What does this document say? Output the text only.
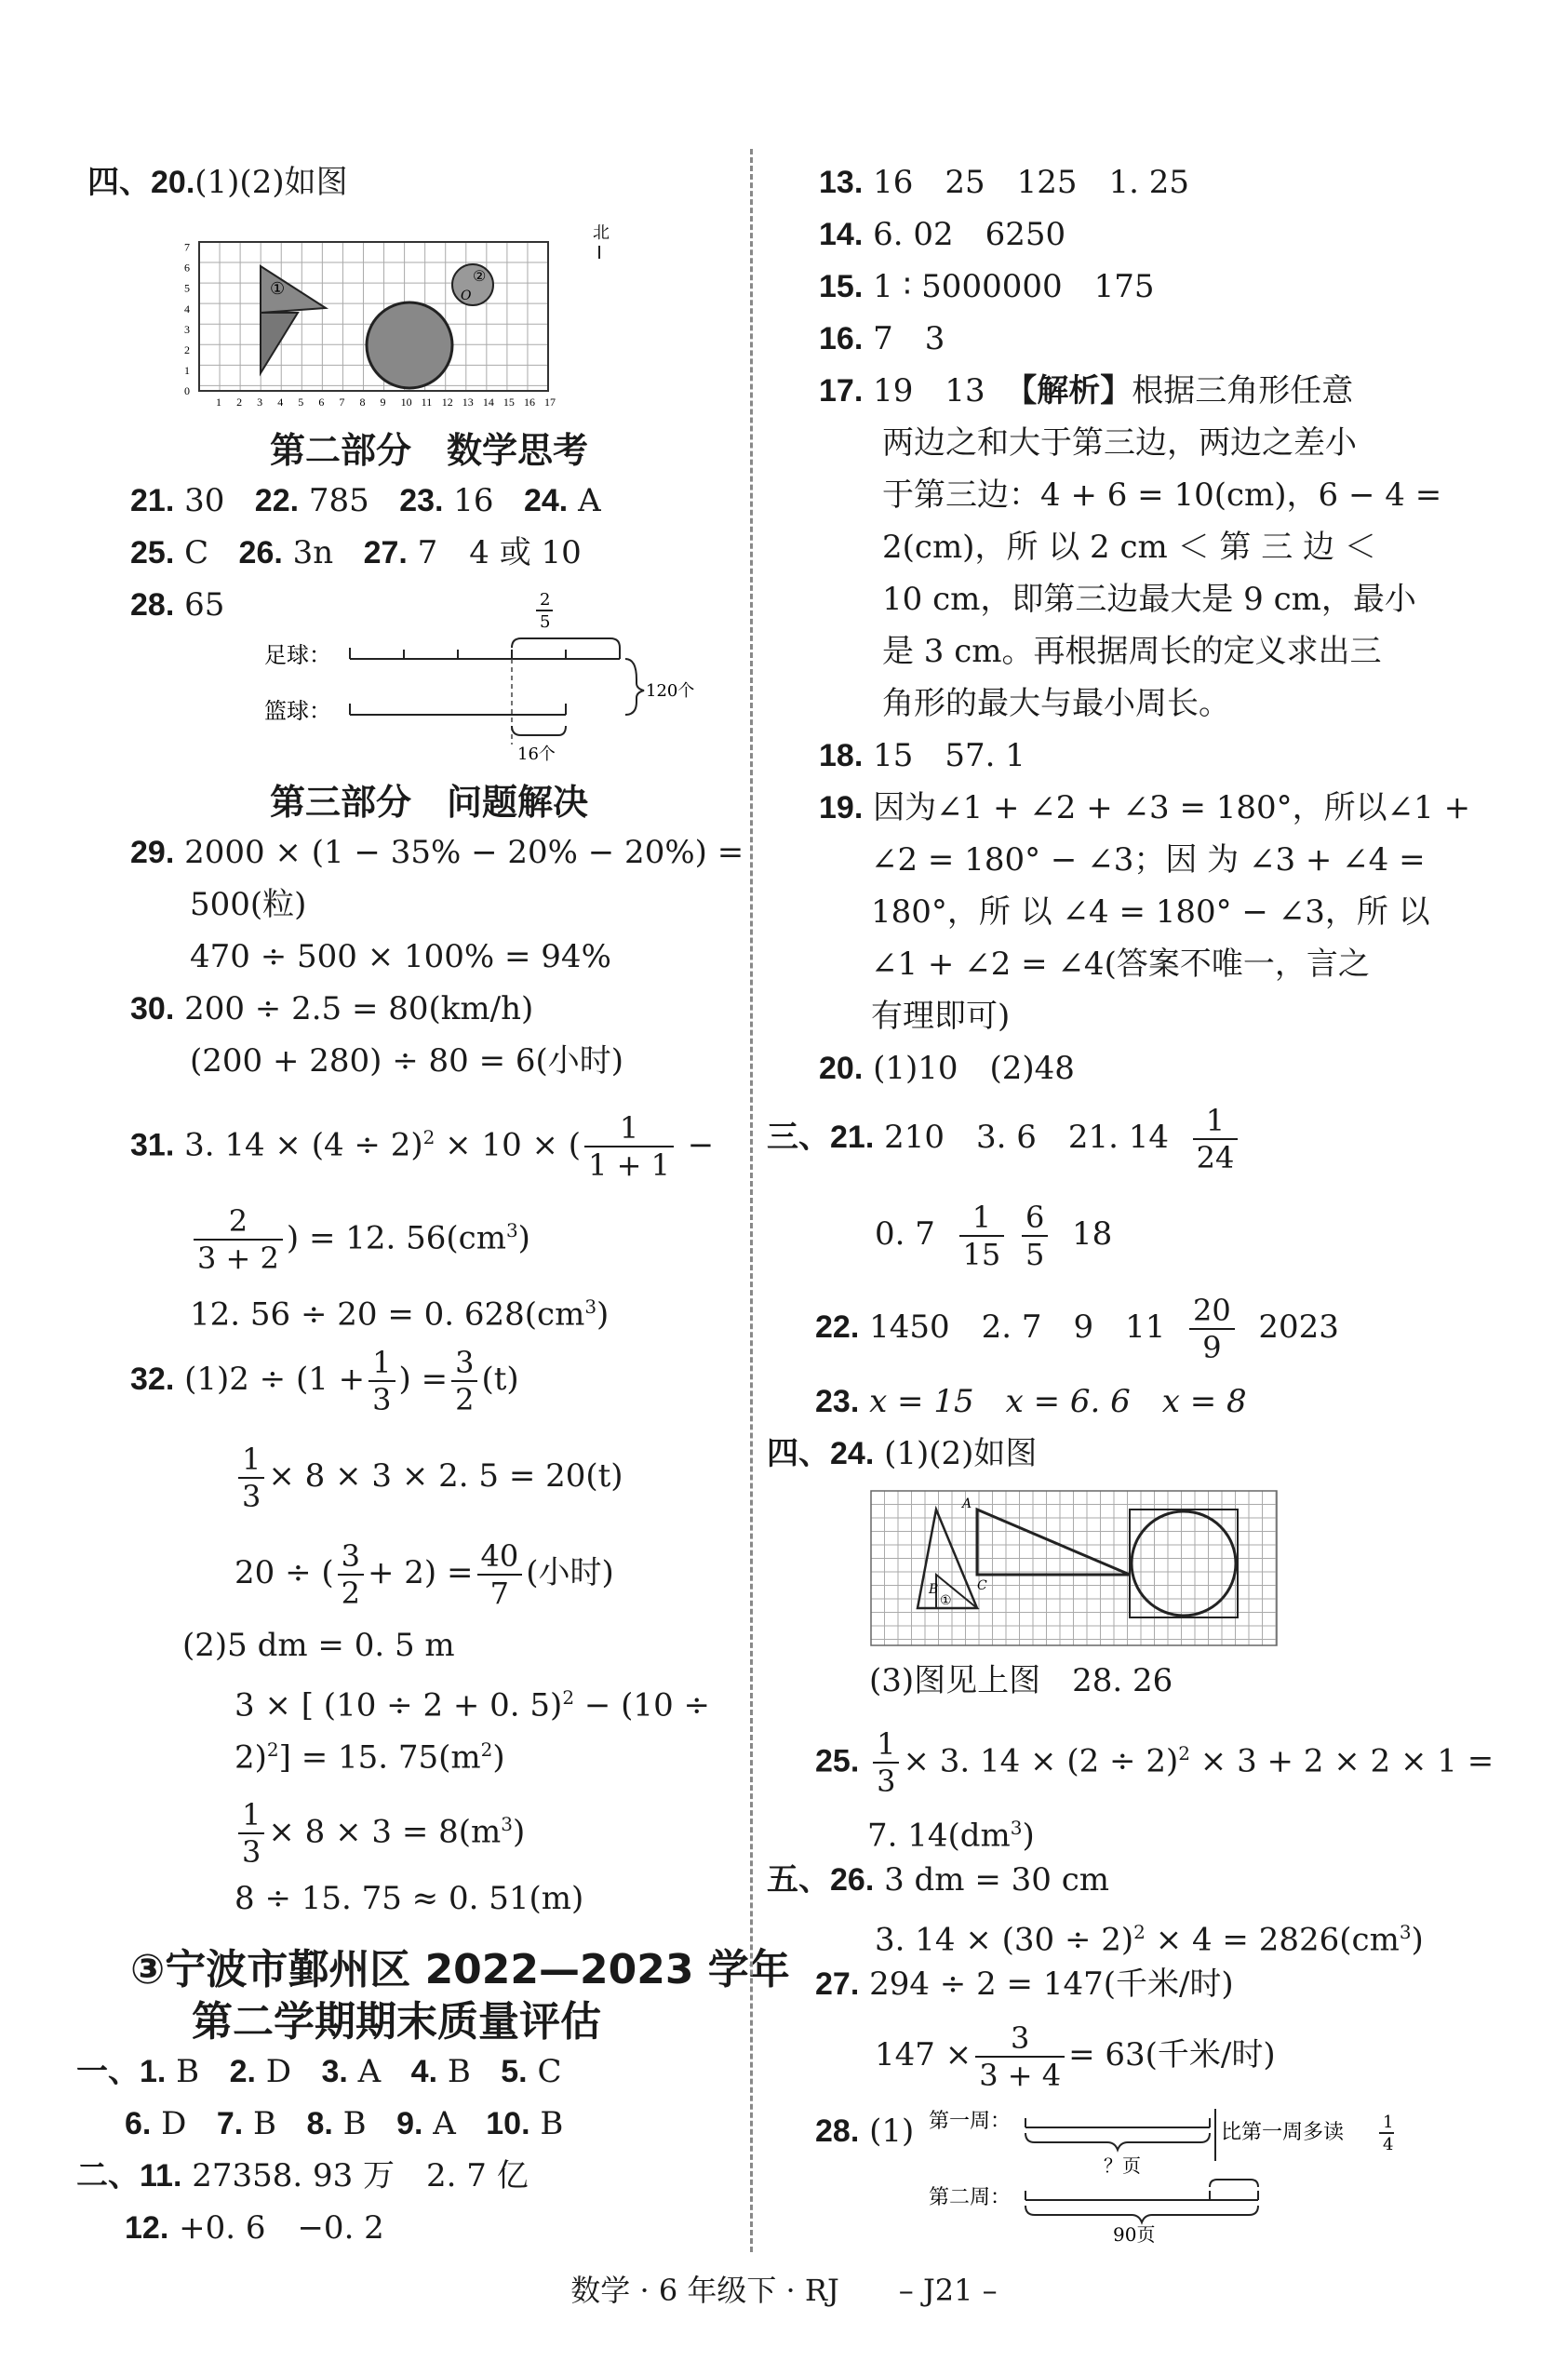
四、20.(1)(2)如图
①
②
O
北
1 2 3 4 5 6 7 8 9 10 11 12 13 14 15 16 17
0
1
2
3
4
5
6
7
第二部分　数学思考
21. 30 22. 785 23. 16 24. A
25. C 26. 3n 27. 7　4 或 10
28. 65	2
5
足球：
篮球：
16个
120个
第三部分　问题解决
29. 2000 × (1 − 35% − 20% − 20%) =
500(粒)
470 ÷ 500 × 100% = 94%
30. 200 ÷ 2.5 = 80(km/h)
(200 + 280) ÷ 80 = 6(小时)
31. 3. $14 \times (4 \div 2)^2 \times 10$ × ( $\frac{1}{1 + 1}$ −
$\frac{2}{3 + 2}$ ) = 12. $56(cm^3)$
12. 56 ÷ 20 = 0. $628(cm^3)$
32. $(1)2 \div (1 + \frac{1}{3}$ ) = $\frac{3}{2} (t)$
$\frac{1}{3} \times 8 \times 3 \times 2$. 5 = 20(t)
20 ÷ ( $\frac{3}{2} + 2) = \frac{40}{7}$ (小时)
(2)5 dm = 0. 5 m
3 × [ (10 ÷ 2 + 0. 5)$^2$ − (10 ÷
2)$^2$] = 15. $75(m^2)$
$\frac{1}{3} \times 8 \times 3 = 8(m^3)$
8 ÷ 15. 75 ≈ 0. 51(m)
③宁波市鄞州区 2022—2023 学年
第二学期期末质量评估
一、1. B 2. D 3. A 4. B 5. C
6. D 7. B 8. B 9. A 10. B
二、11. 27358. 93 万　2. 7 亿
12. +0. 6　−0. 2
13. 16　25　125　1. 25
14. 6. 02　6250
15. 1 ∶ 5000000　175
16. 7　3
17. 19　13 【解析】根据三角形任意
两边之和大于第三边，两边之差小
于第三边：4 + 6 = 10(cm)，6 − 4 =
2(cm)，所 以 2 cm ＜ 第 三 边 ＜
10 cm，即第三边最大是 9 cm，最小
是 3 cm。再根据周长的定义求出三
角形的最大与最小周长。
18. 15　57. 1
19. 因为∠1 + ∠2 + ∠3 = 180°，所以∠1 +
∠2 = 180° − ∠3；因 为 ∠3 + ∠4 =
180°，所 以 ∠4 = 180° − ∠3，所 以
∠1 + ∠2 = ∠4(答案不唯一，言之
有理即可)
20. (1)10　(2)48
三、21. 210　3. 6　21. $14 \frac{1}{24}$
0. $7 \frac{1}{15}$
$\frac{6}{5} 18$
22. 1450　2. 7　9　$11 \frac{20}{9} 2023$
23. x = 15　x = 6. 6　x = 8
四、24. (1)(2)如图
A
B	C
①
(3)图见上图　28. 26
25. $\frac{1}{3} \times 3$. $14 \times (2 \div 2)^2 \times 3 + 2 \times 2 \times 1$ =
7. $14(dm^3)$
五、26. 3 dm = 30 cm
3. $14 \times (30 \div 2)^2 \times 4 = 2826(cm^3)$
27. 294 ÷ 2 = 147(千米/时)
$147 \times \frac{3}{3 + 4} = 63$(千米/时)
28. (1) 第一周：
？页
比第一周多读 1
4
第二周：
90页
数学 · 6 年级下 · RJ　　– J21 –
